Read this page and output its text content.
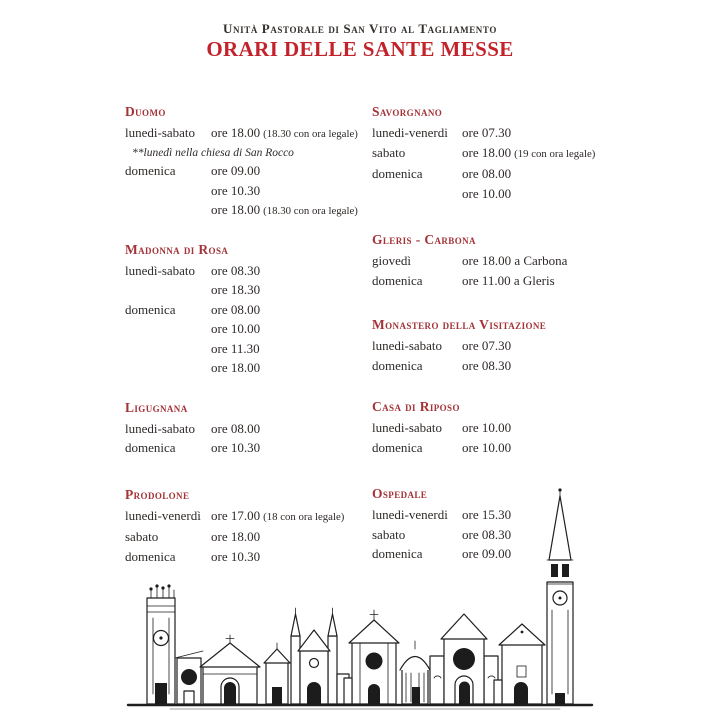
Unità Pastorale di San Vito al Tagliamento
ORARI DELLE SANTE MESSE
Duomo
lunedi-sabato	ore 18.00 (18.30 con ora legale)
**lunedì nella chiesa di San Rocco
domenica	ore 09.00
ore 10.30
ore 18.00 (18.30 con ora legale)
Madonna di Rosa
lunedì-sabato	ore 08.30
ore 18.30
domenica	ore 08.00
ore 10.00
ore 11.30
ore 18.00
Ligugnana
lunedi-sabato	ore 08.00
domenica	ore 10.30
Prodolone
lunedi-venerdì ore 17.00 (18 con ora legale)
sabato	ore 18.00
domenica	ore 10.30
Savorgnano
lunedi-venerdi	ore 07.30
sabato	ore 18.00 (19 con ora legale)
domenica	ore 08.00
ore 10.00
Gleris - Carbona
giovedì	ore 18.00 a Carbona
domenica	ore 11.00 a Gleris
Monastero della Visitazione
lunedi-sabato	ore 07.30
domenica	ore 08.30
Casa di Riposo
lunedi-sabato	ore 10.00
domenica	ore 10.00
Ospedale
lunedi-venerdi	ore 15.30
sabato	ore 08.30
domenica	ore 09.00
